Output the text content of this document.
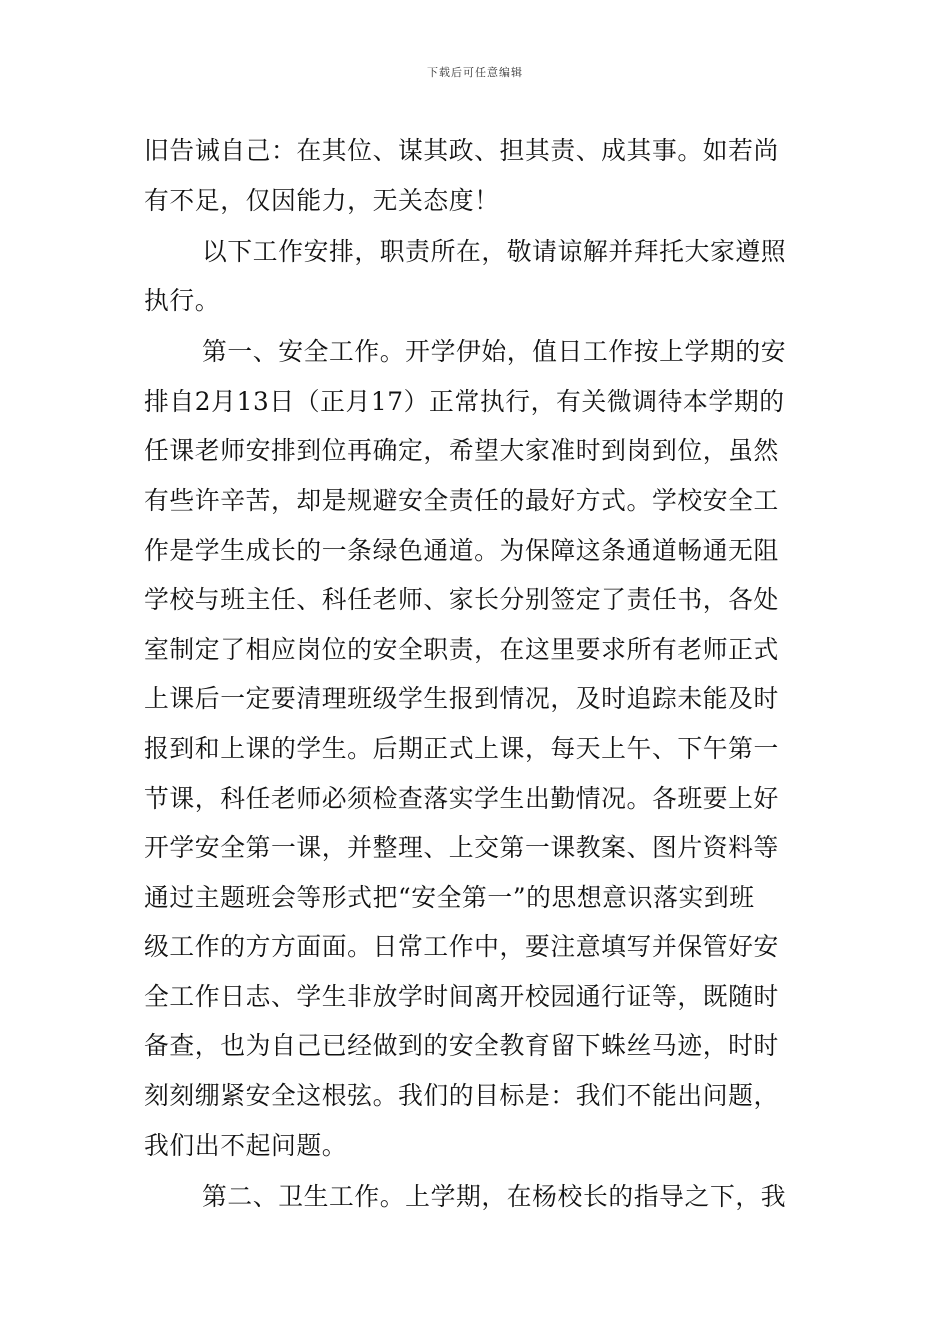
下载后可任意编辑
旧告诫自己：在其位、谋其政、担其责、成其事。如若尚
有不足，仅因能力，无关态度！
以下工作安排，职责所在，敬请谅解并拜托大家遵照
执行。
第一、安全工作。开学伊始，值日工作按上学期的安
排自2月13日（正月17）正常执行，有关微调待本学期的
任课老师安排到位再确定，希望大家准时到岗到位，虽然
有些许辛苦，却是规避安全责任的最好方式。学校安全工
作是学生成长的一条绿色通道。为保障这条通道畅通无阻
学校与班主任、科任老师、家长分别签定了责任书，各处
室制定了相应岗位的安全职责，在这里要求所有老师正式
上课后一定要清理班级学生报到情况，及时追踪未能及时
报到和上课的学生。后期正式上课，每天上午、下午第一
节课，科任老师必须检查落实学生出勤情况。各班要上好
开学安全第一课，并整理、上交第一课教案、图片资料等
通过主题班会等形式把“安全第一”的思想意识落实到班
级工作的方方面面。日常工作中，要注意填写并保管好安
全工作日志、学生非放学时间离开校园通行证等，既随时
备查，也为自己已经做到的安全教育留下蛛丝马迹，时时
刻刻绷紧安全这根弦。我们的目标是：我们不能出问题，
我们出不起问题。
第二、卫生工作。上学期，在杨校长的指导之下，我
